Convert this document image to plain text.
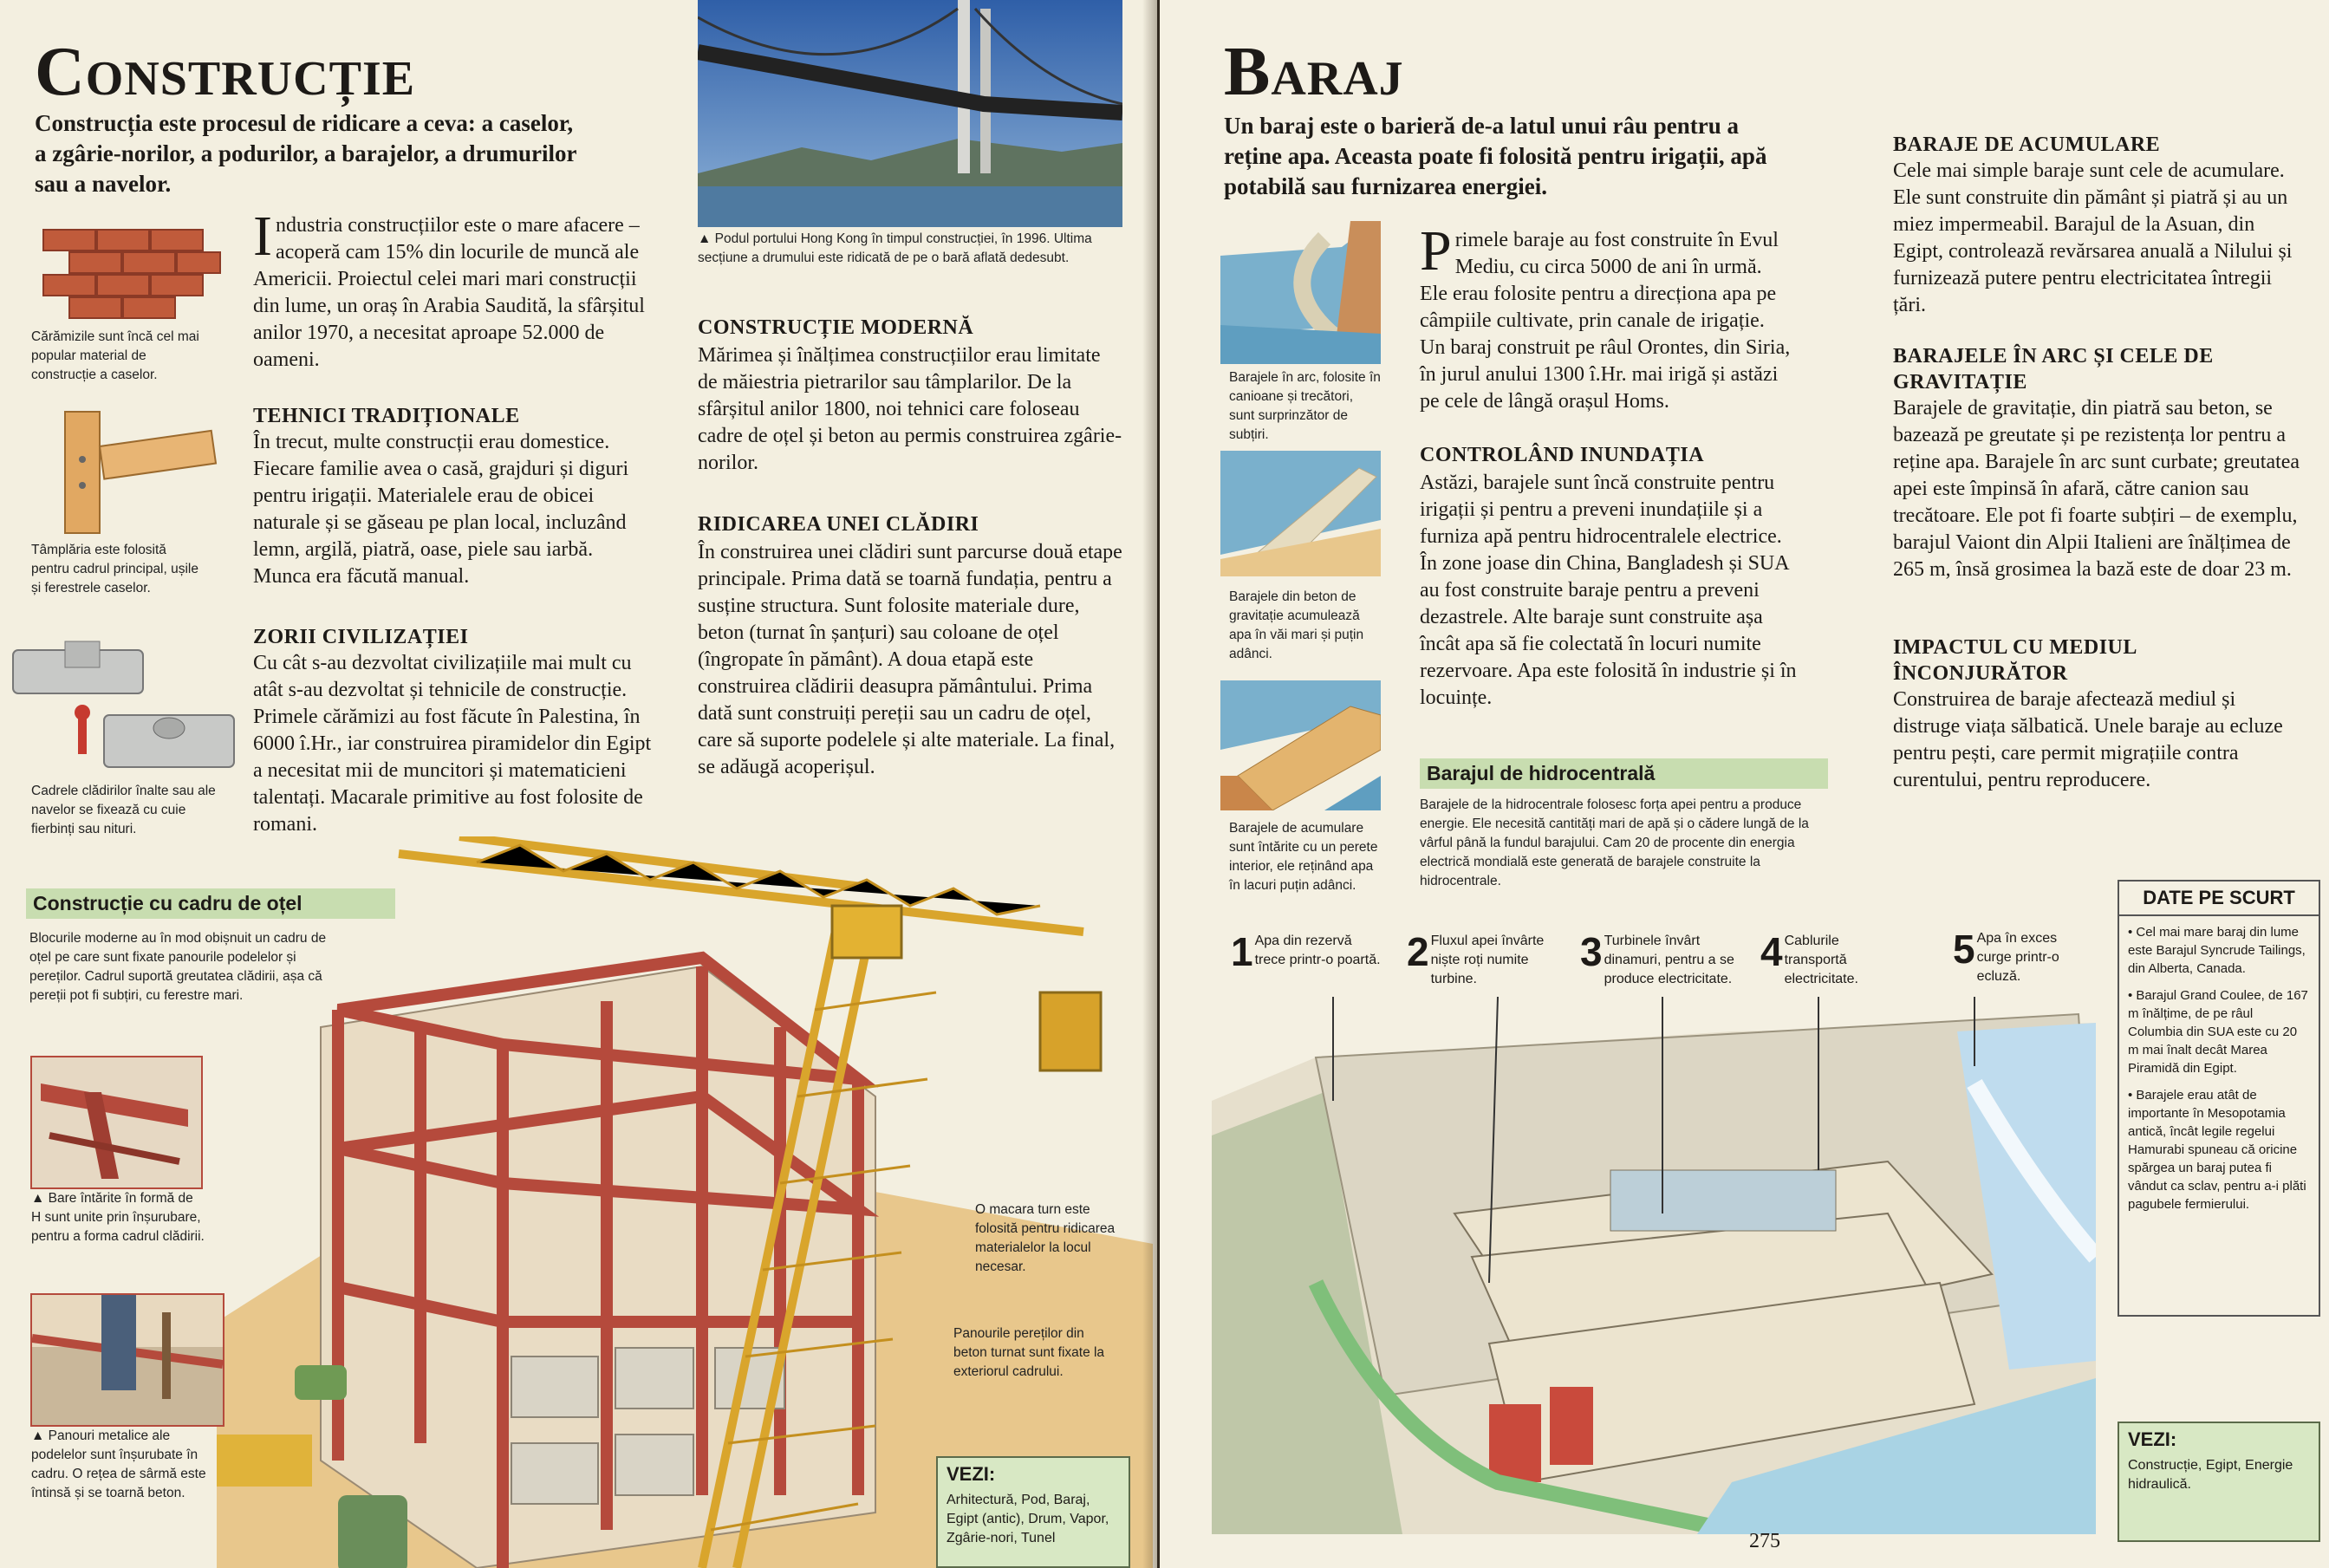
Construcție
Construcția este procesul de ridicare a ceva: a caselor, a zgârie-norilor, a podurilor, a barajelor, a drumurilor sau a navelor.
▲ Podul portului Hong Kong în timpul construcției, în 1996. Ultima secțiune a drumului este ridicată de pe o bară aflată dedesubt.
Cărămizile sunt încă cel mai popular material de construcție a caselor.
Tâmplăria este folosită pentru cadrul principal, ușile și ferestrele caselor.
Cadrele clădirilor înalte sau ale navelor se fixează cu cuie fierbinți sau nituri.
Industria construcțiilor este o mare afacere – acoperă cam 15% din locurile de muncă ale Americii. Proiectul celei mari mari construcții din lume, un oraș în Arabia Saudită, la sfârșitul anilor 1970, a necesitat aproape 52.000 de oameni.
TEHNICI TRADIȚIONALE
În trecut, multe construcții erau domestice. Fiecare familie avea o casă, grajduri și diguri pentru irigații. Materialele erau de obicei naturale și se găseau pe plan local, incluzând lemn, argilă, piatră, oase, piele sau iarbă. Munca era făcută manual.
ZORII CIVILIZAȚIEI
Cu cât s-au dezvoltat civilizațiile mai mult cu atât s-au dezvoltat și tehnicile de construcție. Primele cărămizi au fost făcute în Palestina, în 6000 î.Hr., iar construirea piramidelor din Egipt a necesitat mii de muncitori și matematicieni talentați. Macarale primitive au fost folosite de romani.
CONSTRUCȚIE MODERNĂ
Mărimea și înălțimea construcțiilor erau limitate de măiestria pietrarilor sau tâmplarilor. De la sfârșitul anilor 1800, noi tehnici care foloseau cadre de oțel și beton au permis construirea zgârie-norilor.
RIDICAREA UNEI CLĂDIRI
În construirea unei clădiri sunt parcurse două etape principale. Prima dată se toarnă fundația, pentru a susține structura. Sunt folosite materiale dure, beton (turnat în șanțuri) sau coloane de oțel (îngropate în pământ). A doua etapă este construirea clădirii deasupra pământului. Prima dată sunt construiți pereții sau un cadru de oțel, care să suporte podelele și alte materiale. La final, se adăugă acoperișul.
Construcție cu cadru de oțel
Blocurile moderne au în mod obișnuit un cadru de oțel pe care sunt fixate panourile podelelor și pereților. Cadrul suportă greutatea clădirii, așa că pereții pot fi subțiri, cu ferestre mari.
▲ Bare întărite în formă de H sunt unite prin înșurubare, pentru a forma cadrul clădirii.
▲ Panouri metalice ale podelelor sunt înșurubate în cadru. O rețea de sârmă este întinsă și se toarnă beton.
O macara turn este folosită pentru ridicarea materialelor la locul necesar.
Panourile pereților din beton turnat sunt fixate la exteriorul cadrului.
VEZI:
Arhitectură, Pod, Baraj, Egipt (antic), Drum, Vapor, Zgârie-nori, Tunel
Baraj
Un baraj este o barieră de-a latul unui râu pentru a reține apa. Aceasta poate fi folosită pentru irigații, apă potabilă sau furnizarea energiei.
Barajele în arc, folosite în canioane și trecători, sunt surprinzător de subțiri.
Barajele din beton de gravitație acumulează apa în văi mari și puțin adânci.
Barajele de acumulare sunt întărite cu un perete interior, ele reținând apa în lacuri puțin adânci.
Primele baraje au fost construite în Evul Mediu, cu circa 5000 de ani în urmă. Ele erau folosite pentru a direcționa apa pe câmpiile cultivate, prin canale de irigație. Un baraj construit pe râul Orontes, din Siria, în jurul anului 1300 î.Hr. mai irigă și astăzi pe cele de lângă orașul Homs.
CONTROLÂND INUNDAȚIA
Astăzi, barajele sunt încă construite pentru irigații și pentru a preveni inundațiile și a furniza apă pentru hidrocentralele electrice. În zone joase din China, Bangladesh și SUA au fost construite baraje pentru a preveni dezastrele. Alte baraje sunt construite așa încât apa să fie colectată în locuri numite rezervoare. Apa este folosită în industrie și în locuințe.
BARAJE DE ACUMULARE
Cele mai simple baraje sunt cele de acumulare. Ele sunt construite din pământ și piatră și au un miez impermeabil. Barajul de la Asuan, din Egipt, controlează revărsarea anuală a Nilului și furnizează putere pentru electricitatea întregii țări.
BARAJELE ÎN ARC ȘI CELE DE GRAVITAȚIE
Barajele de gravitație, din piatră sau beton, se bazează pe greutate și pe rezistența lor pentru a reține apa. Barajele în arc sunt curbate; greutatea apei este împinsă în afară, către canion sau trecătoare. Ele pot fi foarte subțiri – de exemplu, barajul Vaiont din Alpii Italieni are înălțimea de 265 m, însă grosimea la bază este de doar 23 m.
IMPACTUL CU MEDIUL ÎNCONJURĂTOR
Construirea de baraje afectează mediul și distruge viața sălbatică. Unele baraje au ecluze pentru pești, care permit migrațiile contra curentului, pentru reproducere.
Barajul de hidrocentrală
Barajele de la hidrocentrale folosesc forța apei pentru a produce energie. Ele necesită cantități mari de apă și o cădere lungă de la vârful până la fundul barajului. Cam 20 de procente din energia electrică mondială este generată de barajele construite la hidrocentrale.
1 Apa din rezervă trece printr-o poartă. 2 Fluxul apei învârte niște roți numite turbine.
3 Turbinele învârt dinamuri, pentru a se produce electricitate.
4 Cablurile transportă electricitate.
5 Apa în exces curge printr-o ecluză.
DATE PE SCURT
• Cel mai mare baraj din lume este Barajul Syncrude Tailings, din Alberta, Canada.
• Barajul Grand Coulee, de 167 m înălțime, de pe râul Columbia din SUA este cu 20 m mai înalt decât Marea Piramidă din Egipt.
• Barajele erau atât de importante în Mesopotamia antică, încât legile regelui Hamurabi spuneau că oricine spărgea un baraj putea fi vândut ca sclav, pentru a-i plăti pagubele fermierului.
VEZI:
Construcție, Egipt, Energie hidraulică.
275
